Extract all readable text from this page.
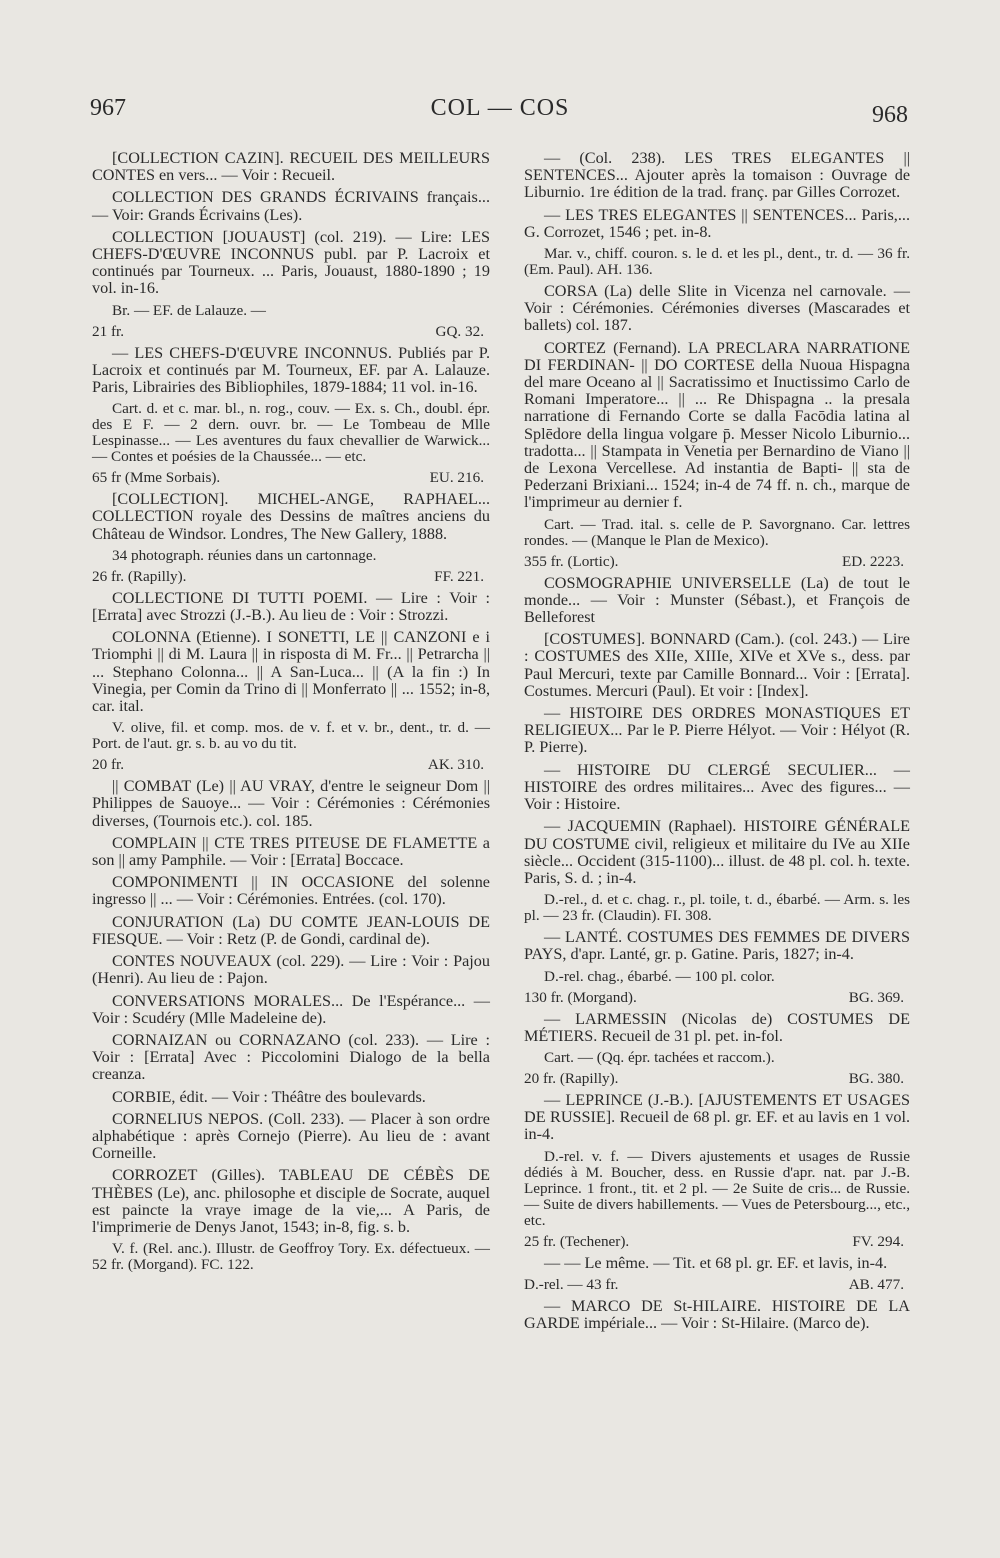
967	COL — COS	968

[COLLECTION CAZIN]. RECUEIL DES MEILLEURS CONTES en vers... — Voir : Recueil.

COLLECTION DES GRANDS ÉCRIVAINS français... — Voir: Grands Écrivains (Les).

COLLECTION [JOUAUST] (col. 219). — Lire: LES CHEFS-D'ŒUVRE INCONNUS publ. par P. Lacroix et continués par Tourneux. ... Paris, Jouaust, 1880-1890 ; 19 vol. in-16.

Br. — EF. de Lalauze. —

21 fr.	GQ. 32.

— LES CHEFS-D'ŒUVRE INCONNUS. Publiés par P. Lacroix et continués par M. Tourneux, EF. par A. Lalauze. Paris, Librairies des Bibliophiles, 1879-1884; 11 vol. in-16.

Cart. d. et c. mar. bl., n. rog., couv. — Ex. s. Ch., doubl. épr. des E F. — 2 dern. ouvr. br. — Le Tombeau de Mlle Lespinasse... — Les aventures du faux chevallier de Warwick... — Contes et poésies de la Chaussée... — etc.

65 fr (Mme Sorbais).	EU. 216.

[COLLECTION]. MICHEL-ANGE, RAPHAEL... COLLECTION royale des Dessins de maîtres anciens du Château de Windsor. Londres, The New Gallery, 1888.

34 photograph. réunies dans un cartonnage.

26 fr. (Rapilly).	FF. 221.

COLLECTIONE DI TUTTI POEMI. — Lire : Voir : [Errata] avec Strozzi (J.-B.). Au lieu de : Voir : Strozzi.

COLONNA (Etienne). I SONETTI, LE || CANZONI e i Triomphi || di M. Laura || in risposta di M. Fr... || Petrarcha || ... Stephano Colonna... || A San-Luca... || (A la fin :) In Vinegia, per Comin da Trino di || Monferrato || ... 1552; in-8, car. ital.

V. olive, fil. et comp. mos. de v. f. et v. br., dent., tr. d. — Port. de l'aut. gr. s. b. au vo du tit.

20 fr.	AK. 310.

|| COMBAT (Le) || AU VRAY, d'entre le seigneur Dom || Philippes de Sauoye... — Voir : Cérémonies : Cérémonies diverses, (Tournois etc.). col. 185.

COMPLAIN || CTE TRES PITEUSE DE FLAMETTE a son || amy Pamphile. — Voir : [Errata] Boccace.

COMPONIMENTI || IN OCCASIONE del solenne ingresso || ... — Voir : Cérémonies. Entrées. (col. 170).

CONJURATION (La) DU COMTE JEAN-LOUIS DE FIESQUE. — Voir : Retz (P. de Gondi, cardinal de).

CONTES NOUVEAUX (col. 229). — Lire : Voir : Pajou (Henri). Au lieu de : Pajon.

CONVERSATIONS MORALES... De l'Espérance... — Voir : Scudéry (Mlle Madeleine de).

CORNAIZAN ou CORNAZANO (col. 233). — Lire : Voir : [Errata] Avec : Piccolomini Dialogo de la bella creanza.

CORBIE, édit. — Voir : Théâtre des boulevards.

CORNELIUS NEPOS. (Coll. 233). — Placer à son ordre alphabétique : après Cornejo (Pierre). Au lieu de : avant Corneille.

CORROZET (Gilles). TABLEAU DE CÉBÈS DE THÈBES (Le), anc. philosophe et disciple de Socrate, auquel est paincte la vraye image de la vie,... A Paris, de l'imprimerie de Denys Janot, 1543; in-8, fig. s. b.

V. f. (Rel. anc.). Illustr. de Geoffroy Tory. Ex. défectueux. — 52 fr. (Morgand). FC. 122.

— (Col. 238). LES TRES ELEGANTES || SENTENCES... Ajouter après la tomaison : Ouvrage de Liburnio. 1re édition de la trad. franç. par Gilles Corrozet.

— LES TRES ELEGANTES || SENTENCES... Paris,... G. Corrozet, 1546 ; pet. in-8.

Mar. v., chiff. couron. s. le d. et les pl., dent., tr. d. — 36 fr. (Em. Paul). AH. 136.

CORSA (La) delle Slite in Vicenza nel carnovale. — Voir : Cérémonies. Cérémonies diverses (Mascarades et ballets) col. 187.

CORTEZ (Fernand). LA PRECLARA NARRATIONE DI FERDINAN- || DO CORTESE della Nuoua Hispagna del mare Oceano al || Sacratissimo et Inuctissimo Carlo de Romani Imperatore... || ... Re Dhispagna .. la presala narratione di Fernando Corte se dalla Facōdia latina al Splēdore della lingua volgare p̄. Messer Nicolo Liburnio... tradotta... || Stampata in Venetia per Bernardino de Viano || de Lexona Vercellese. Ad instantia de Bapti- || sta de Pederzani Brixiani... 1524; in-4 de 74 ff. n. ch., marque de l'imprimeur au dernier f.

Cart. — Trad. ital. s. celle de P. Savorgnano. Car. lettres rondes. — (Manque le Plan de Mexico).

355 fr. (Lortic).	ED. 2223.

COSMOGRAPHIE UNIVERSELLE (La) de tout le monde... — Voir : Munster (Sébast.), et François de Belleforest

[COSTUMES]. BONNARD (Cam.). (col. 243.) — Lire : COSTUMES des XIIe, XIIIe, XIVe et XVe s., dess. par Paul Mercuri, texte par Camille Bonnard... Voir : [Errata]. Costumes. Mercuri (Paul). Et voir : [Index].

— HISTOIRE DES ORDRES MONASTIQUES ET RELIGIEUX... Par le P. Pierre Hélyot. — Voir : Hélyot (R. P. Pierre).

— HISTOIRE DU CLERGÉ SECULIER... — HISTOIRE des ordres militaires... Avec des figures... — Voir : Histoire.

— JACQUEMIN (Raphael). HISTOIRE GÉNÉRALE DU COSTUME civil, religieux et militaire du IVe au XIIe siècle... Occident (315-1100)... illust. de 48 pl. col. h. texte. Paris, S. d. ; in-4.

D.-rel., d. et c. chag. r., pl. toile, t. d., ébarbé. — Arm. s. les pl. — 23 fr. (Claudin). FI. 308.

— LANTÉ. COSTUMES DES FEMMES DE DIVERS PAYS, d'apr. Lanté, gr. p. Gatine. Paris, 1827; in-4.

D.-rel. chag., ébarbé. — 100 pl. color.

130 fr. (Morgand).	BG. 369.

— LARMESSIN (Nicolas de) COSTUMES DE MÉTIERS. Recueil de 31 pl. pet. in-fol.

Cart. — (Qq. épr. tachées et raccom.).

20 fr. (Rapilly).	BG. 380.

— LEPRINCE (J.-B.). [AJUSTEMENTS ET USAGES DE RUSSIE]. Recueil de 68 pl. gr. EF. et au lavis en 1 vol. in-4.

D.-rel. v. f. — Divers ajustements et usages de Russie dédiés à M. Boucher, dess. en Russie d'apr. nat. par J.-B. Leprince. 1 front., tit. et 2 pl. — 2e Suite de cris... de Russie. — Suite de divers habillements. — Vues de Petersbourg..., etc., etc.

25 fr. (Techener).	FV. 294.

— — Le même. — Tit. et 68 pl. gr. EF. et lavis, in-4.

D.-rel. — 43 fr.	AB. 477.

— MARCO DE St-HILAIRE. HISTOIRE DE LA GARDE impériale... — Voir : St-Hilaire. (Marco de).
